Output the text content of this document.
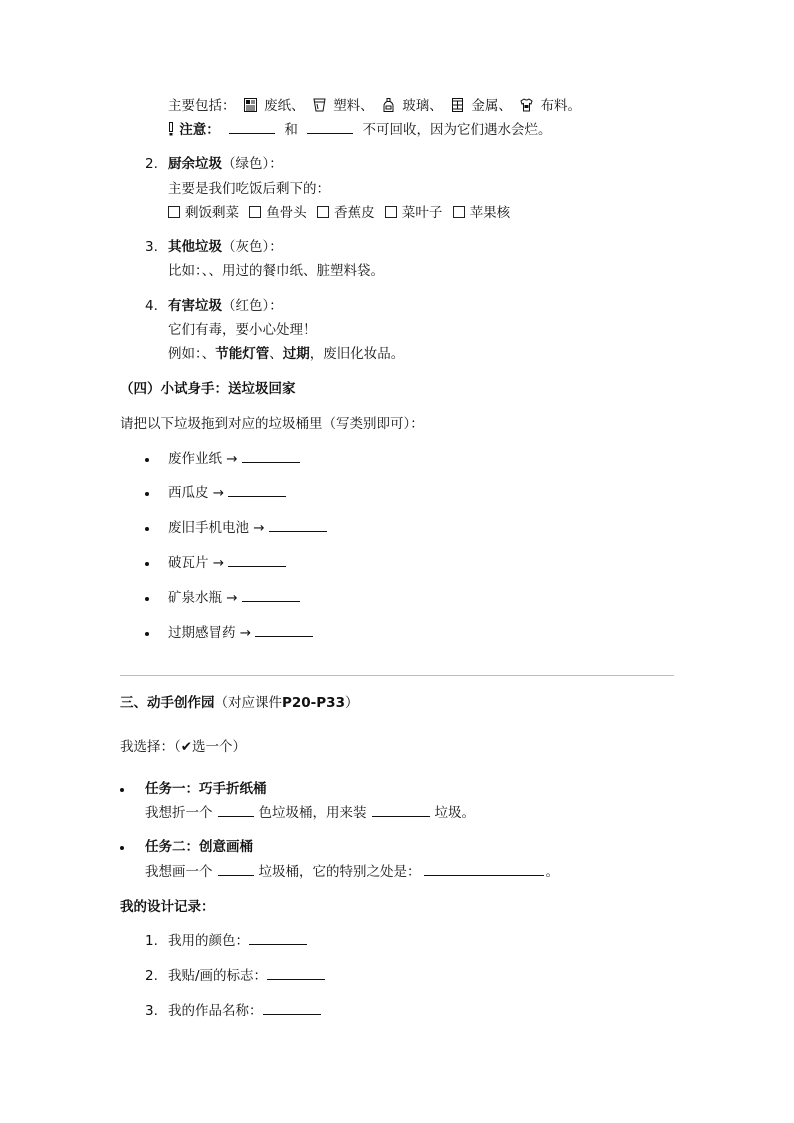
主要包括： 废纸、 塑料、 玻璃、 金属、 布料。
注意：	和	不可回收，因为它们遇水会烂。
2. 厨余垃圾（绿色）：
主要是我们吃饭后剩下的：
剩饭剩菜 鱼骨头 香蕉皮 菜叶子 苹果核
3. 其他垃圾（灰色）：
比如：、、用过的餐巾纸、脏塑料袋。
4. 有害垃圾（红色）：
它们有毒，要小心处理！
例如：、节能灯管、过期，废旧化妆品。
（四）小试身手：送垃圾回家
请把以下垃圾拖到对应的垃圾桶里（写类别即可）：
废作业纸 →
西瓜皮 →
废旧手机电池 →
破瓦片 →
矿泉水瓶 →
过期感冒药 →
三、动手创作园（对应课件P20-P33）
我选择：（✔选一个）
任务一：巧手折纸桶
我想折一个	色垃圾桶，用来装	垃圾。
任务二：创意画桶
我想画一个	垃圾桶，它的特别之处是：	。
我的设计记录：
1. 我用的颜色：
2. 我贴/画的标志：
3. 我的作品名称：
